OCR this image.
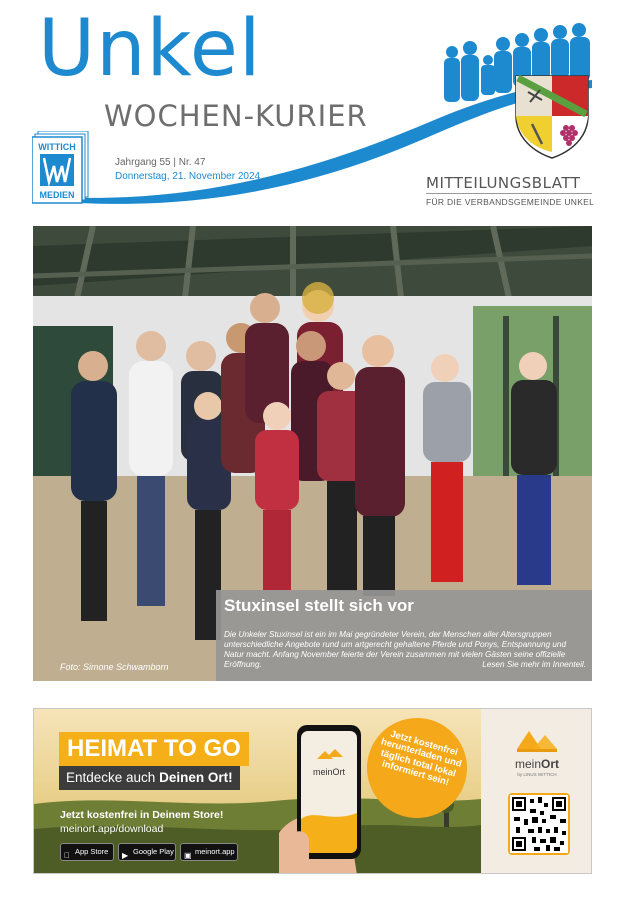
Unkel
WOCHEN-KURIER
Jahrgang 55 | Nr. 47
Donnerstag, 21. November 2024
WITTICH
MEDIEN
MITTEILUNGSBLATT
FÜR DIE VERBANDSGEMEINDE UNKEL
Foto: Simone Schwamborn
Stuxinsel stellt sich vor
Die Unkeler Stuxinsel ist ein im Mai gegründeter Verein, der Menschen aller Altersgruppen unterschiedliche Angebote rund um artgerecht gehaltene Pferde und Ponys, Entspannung und Natur macht. Anfang November feierte der Verein zusammen mit vielen Gästen seine offizielle Eröffnung.	Lesen Sie mehr im Innenteil.
HEIMAT TO GO
Entdecke auch Deinen Ort!
Jetzt kostenfrei in Deinem Store!
meinort.app/download
App Store	▶ Google Play ▣ meinort.app
meinOrt
Jetzt kostenfrei herunterladen und täglich total lokal informiert sein!	meinOrt
by LINUS WITTICH
